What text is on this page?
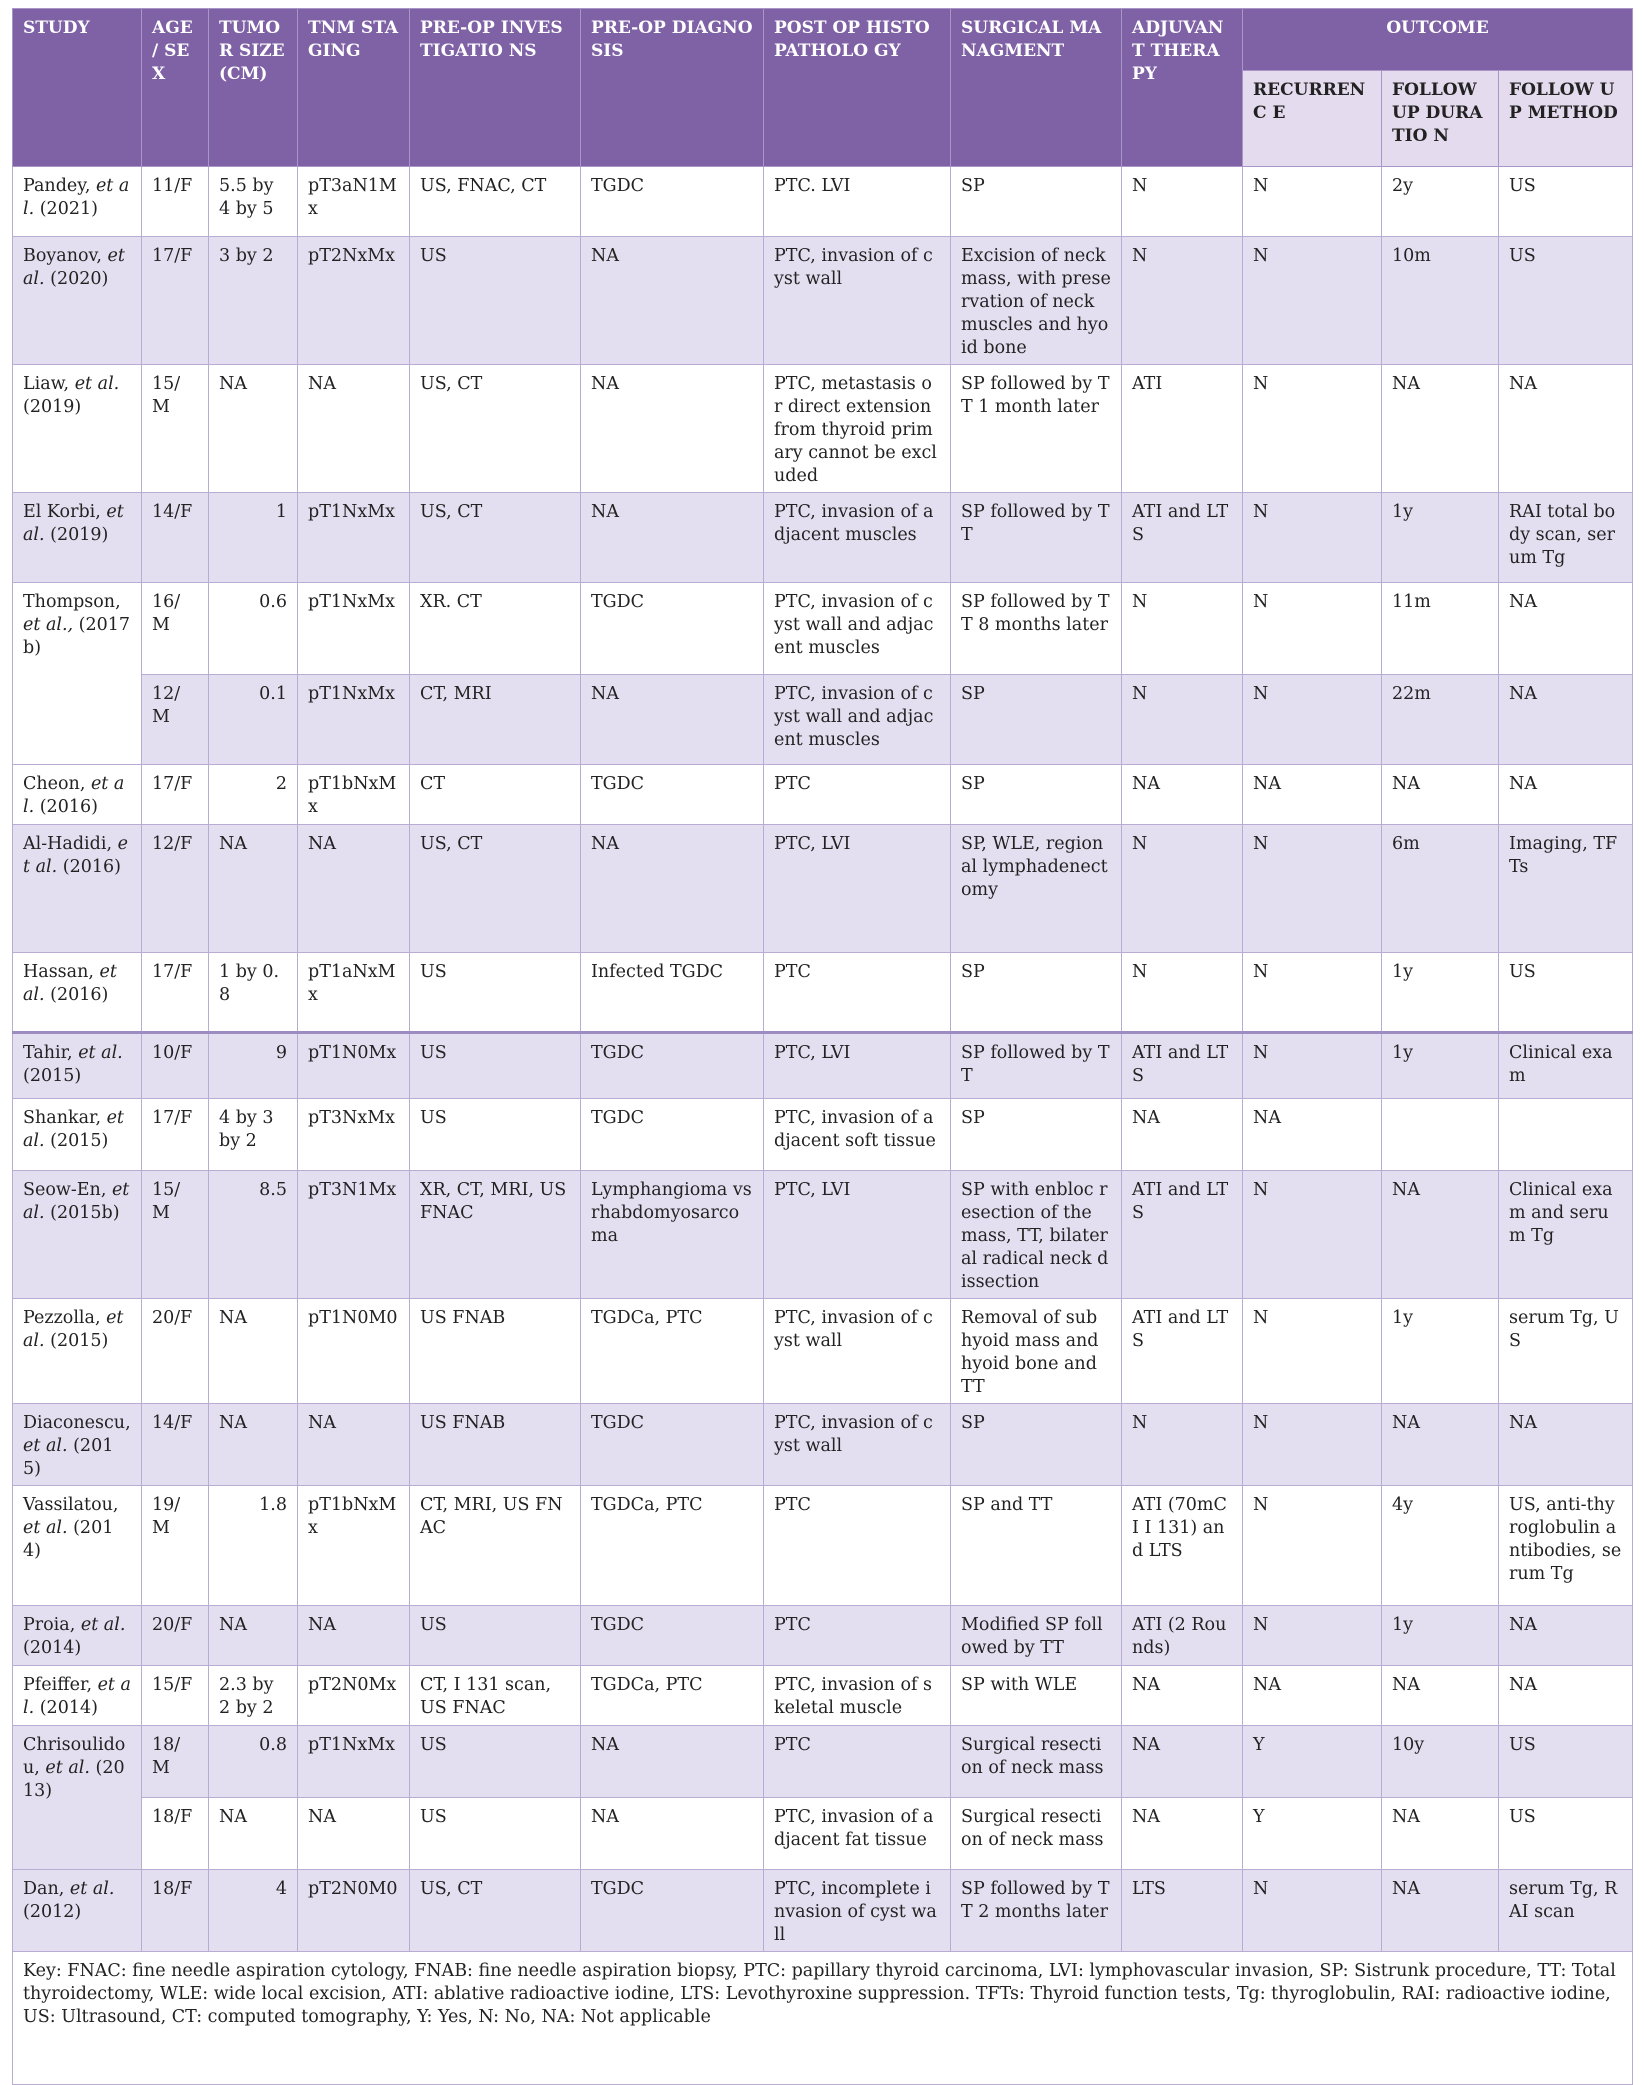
STUDY	AGE / SEX	TUMO R SIZE (CM)	TNM STAGING	PRE-OP INVESTIGATIO NS	PRE-OP DIAGNOSIS	POST OP HISTOPATHOLO GY	SURGICAL MANAGMENT	ADJUVAN T THERAPY	OUTCOME		
									RECURRENC E	FOLLOW UP DURATIO N	FOLLOW UP METHOD
Pandey, et al. (2021)	11/F	5.5 by 4 by 5	pT3aN1Mx	US, FNAC, CT	TGDC	PTC. LVI	SP	N	N	2y	US
Boyanov, et al. (2020)	17/F	3 by 2	pT2NxMx	US	NA	PTC, invasion of cyst wall	Excision of neck mass, with preservation of neck muscles and hyoid bone	N	N	10m	US
Liaw, et al. (2019)	15/ M	NA	NA	US, CT	NA	PTC, metastasis or direct extension from thyroid primary cannot be excluded	SP followed by TT 1 month later	ATI	N	NA	NA
El Korbi, et al. (2019)	14/F	1	pT1NxMx	US, CT	NA	PTC, invasion of adjacent muscles	SP followed by TT	ATI and LTS	N	1y	RAI total body scan, serum Tg
Thompson, et al., (2017b)	16/ M	0.6	pT1NxMx	XR. CT	TGDC	PTC, invasion of cyst wall and adjacent muscles	SP followed by TT 8 months later	N	N	11m	NA
	12/ M	0.1	pT1NxMx	CT, MRI	NA	PTC, invasion of cyst wall and adjacent muscles	SP	N	N	22m	NA
Cheon, et al. (2016)	17/F	2	pT1bNxMx	CT	TGDC	PTC	SP	NA	NA	NA	NA
Al-Hadidi, et al. (2016)	12/F	NA	NA	US, CT	NA	PTC, LVI	SP, WLE, regional lymphadenectomy	N	N	6m	Imaging, TFTs
Hassan, et al. (2016)	17/F	1 by 0.8	pT1aNxMx	US	Infected TGDC	PTC	SP	N	N	1y	US
Tahir, et al. (2015)	10/F	9	pT1N0Mx	US	TGDC	PTC, LVI	SP followed by TT	ATI and LTS	N	1y	Clinical exam
Shankar, et al. (2015)	17/F	4 by 3 by 2	pT3NxMx	US	TGDC	PTC, invasion of adjacent soft tissue	SP	NA	NA		
Seow-En, et al. (2015b)	15/ M	8.5	pT3N1Mx	XR, CT, MRI, US FNAC	Lymphangioma vs rhabdomyosarcoma	PTC, LVI	SP with enbloc resection of the mass, TT, bilateral radical neck dissection	ATI and LTS	N	NA	Clinical exam and serum Tg
Pezzolla, et al. (2015)	20/F	NA	pT1N0M0	US FNAB	TGDCa, PTC	PTC, invasion of cyst wall	Removal of sub hyoid mass and hyoid bone and TT	ATI and LTS	N	1y	serum Tg, US
Diaconescu, et al. (2015)	14/F	NA	NA	US FNAB	TGDC	PTC, invasion of cyst wall	SP	N	N	NA	NA
Vassilatou, et al. (2014)	19/ M	1.8	pT1bNxMx	CT, MRI, US FNAC	TGDCa, PTC	PTC	SP and TT	ATI (70mCI I 131) and LTS	N	4y	US, anti-thyroglobulin antibodies, serum Tg
Proia, et al. (2014)	20/F	NA	NA	US	TGDC	PTC	Modified SP followed by TT	ATI (2 Rounds)	N	1y	NA
Pfeiffer, et al. (2014)	15/F	2.3 by 2 by 2	pT2N0Mx	CT, I 131 scan, US FNAC	TGDCa, PTC	PTC, invasion of skeletal muscle	SP with WLE	NA	NA	NA	NA
Chrisoulidou, et al. (2013)	18/ M	0.8	pT1NxMx	US	NA	PTC	Surgical resection of neck mass	NA	Y	10y	US
	18/F	NA	NA	US	NA	PTC, invasion of adjacent fat tissue	Surgical resection of neck mass	NA	Y	NA	US
Dan, et al. (2012)	18/F	4	pT2N0M0	US, CT	TGDC	PTC, incomplete invasion of cyst wall	SP followed by TT 2 months later	LTS	N	NA	serum Tg, RAI scan
Key: FNAC: fine needle aspiration cytology, FNAB: fine needle aspiration biopsy, PTC: papillary thyroid carcinoma, LVI: lymphovascular invasion, SP: Sistrunk procedure, TT: Total thyroidectomy, WLE: wide local excision, ATI: ablative radioactive iodine, LTS: Levothyroxine suppression. TFTs: Thyroid function tests, Tg: thyroglobulin, RAI: radioactive iodine, US: Ultrasound, CT: computed tomography, Y: Yes, N: No, NA: Not applicable											
